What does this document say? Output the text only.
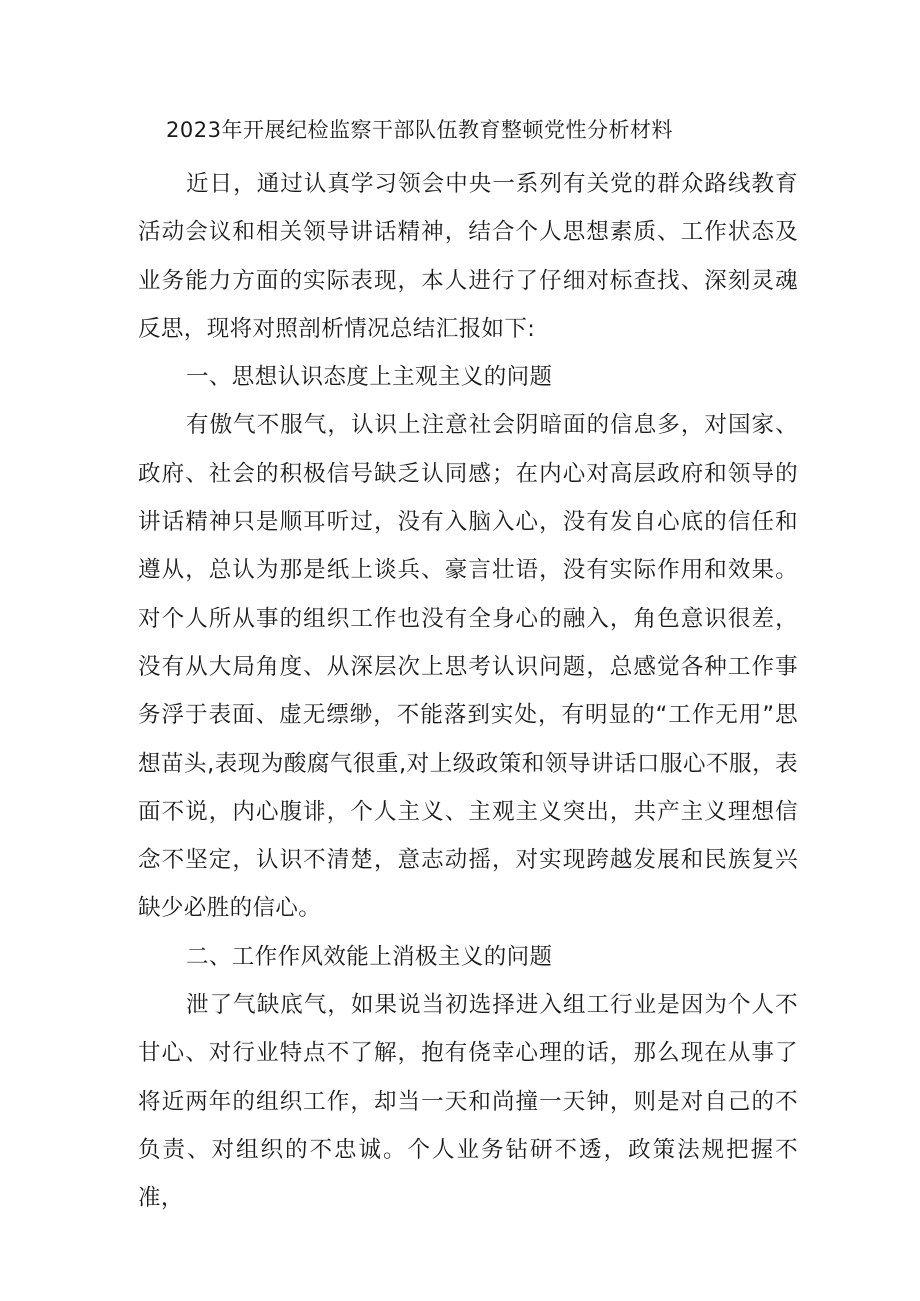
2023年开展纪检监察干部队伍教育整顿党性分析材料

近日，通过认真学习领会中央一系列有关党的群众路线教育活动会议和相关领导讲话精神，结合个人思想素质、工作状态及业务能力方面的实际表现，本人进行了仔细对标查找、深刻灵魂反思，现将对照剖析情况总结汇报如下:

一、思想认识态度上主观主义的问题

有傲气不服气，认识上注意社会阴暗面的信息多，对国家、政府、社会的积极信号缺乏认同感；在内心对高层政府和领导的讲话精神只是顺耳听过，没有入脑入心，没有发自心底的信任和遵从，总认为那是纸上谈兵、豪言壮语，没有实际作用和效果。对个人所从事的组织工作也没有全身心的融入，角色意识很差，没有从大局角度、从深层次上思考认识问题，总感觉各种工作事务浮于表面、虚无缥缈，不能落到实处，有明显的“工作无用”思想苗头,表现为酸腐气很重,对上级政策和领导讲话口服心不服，表面不说，内心腹诽，个人主义、主观主义突出，共产主义理想信念不坚定，认识不清楚，意志动摇，对实现跨越发展和民族复兴缺少必胜的信心。

二、工作作风效能上消极主义的问题

泄了气缺底气，如果说当初选择进入组工行业是因为个人不甘心、对行业特点不了解，抱有侥幸心理的话，那么现在从事了将近两年的组织工作，却当一天和尚撞一天钟，则是对自己的不负责、对组织的不忠诚。个人业务钻研不透，政策法规把握不准，
